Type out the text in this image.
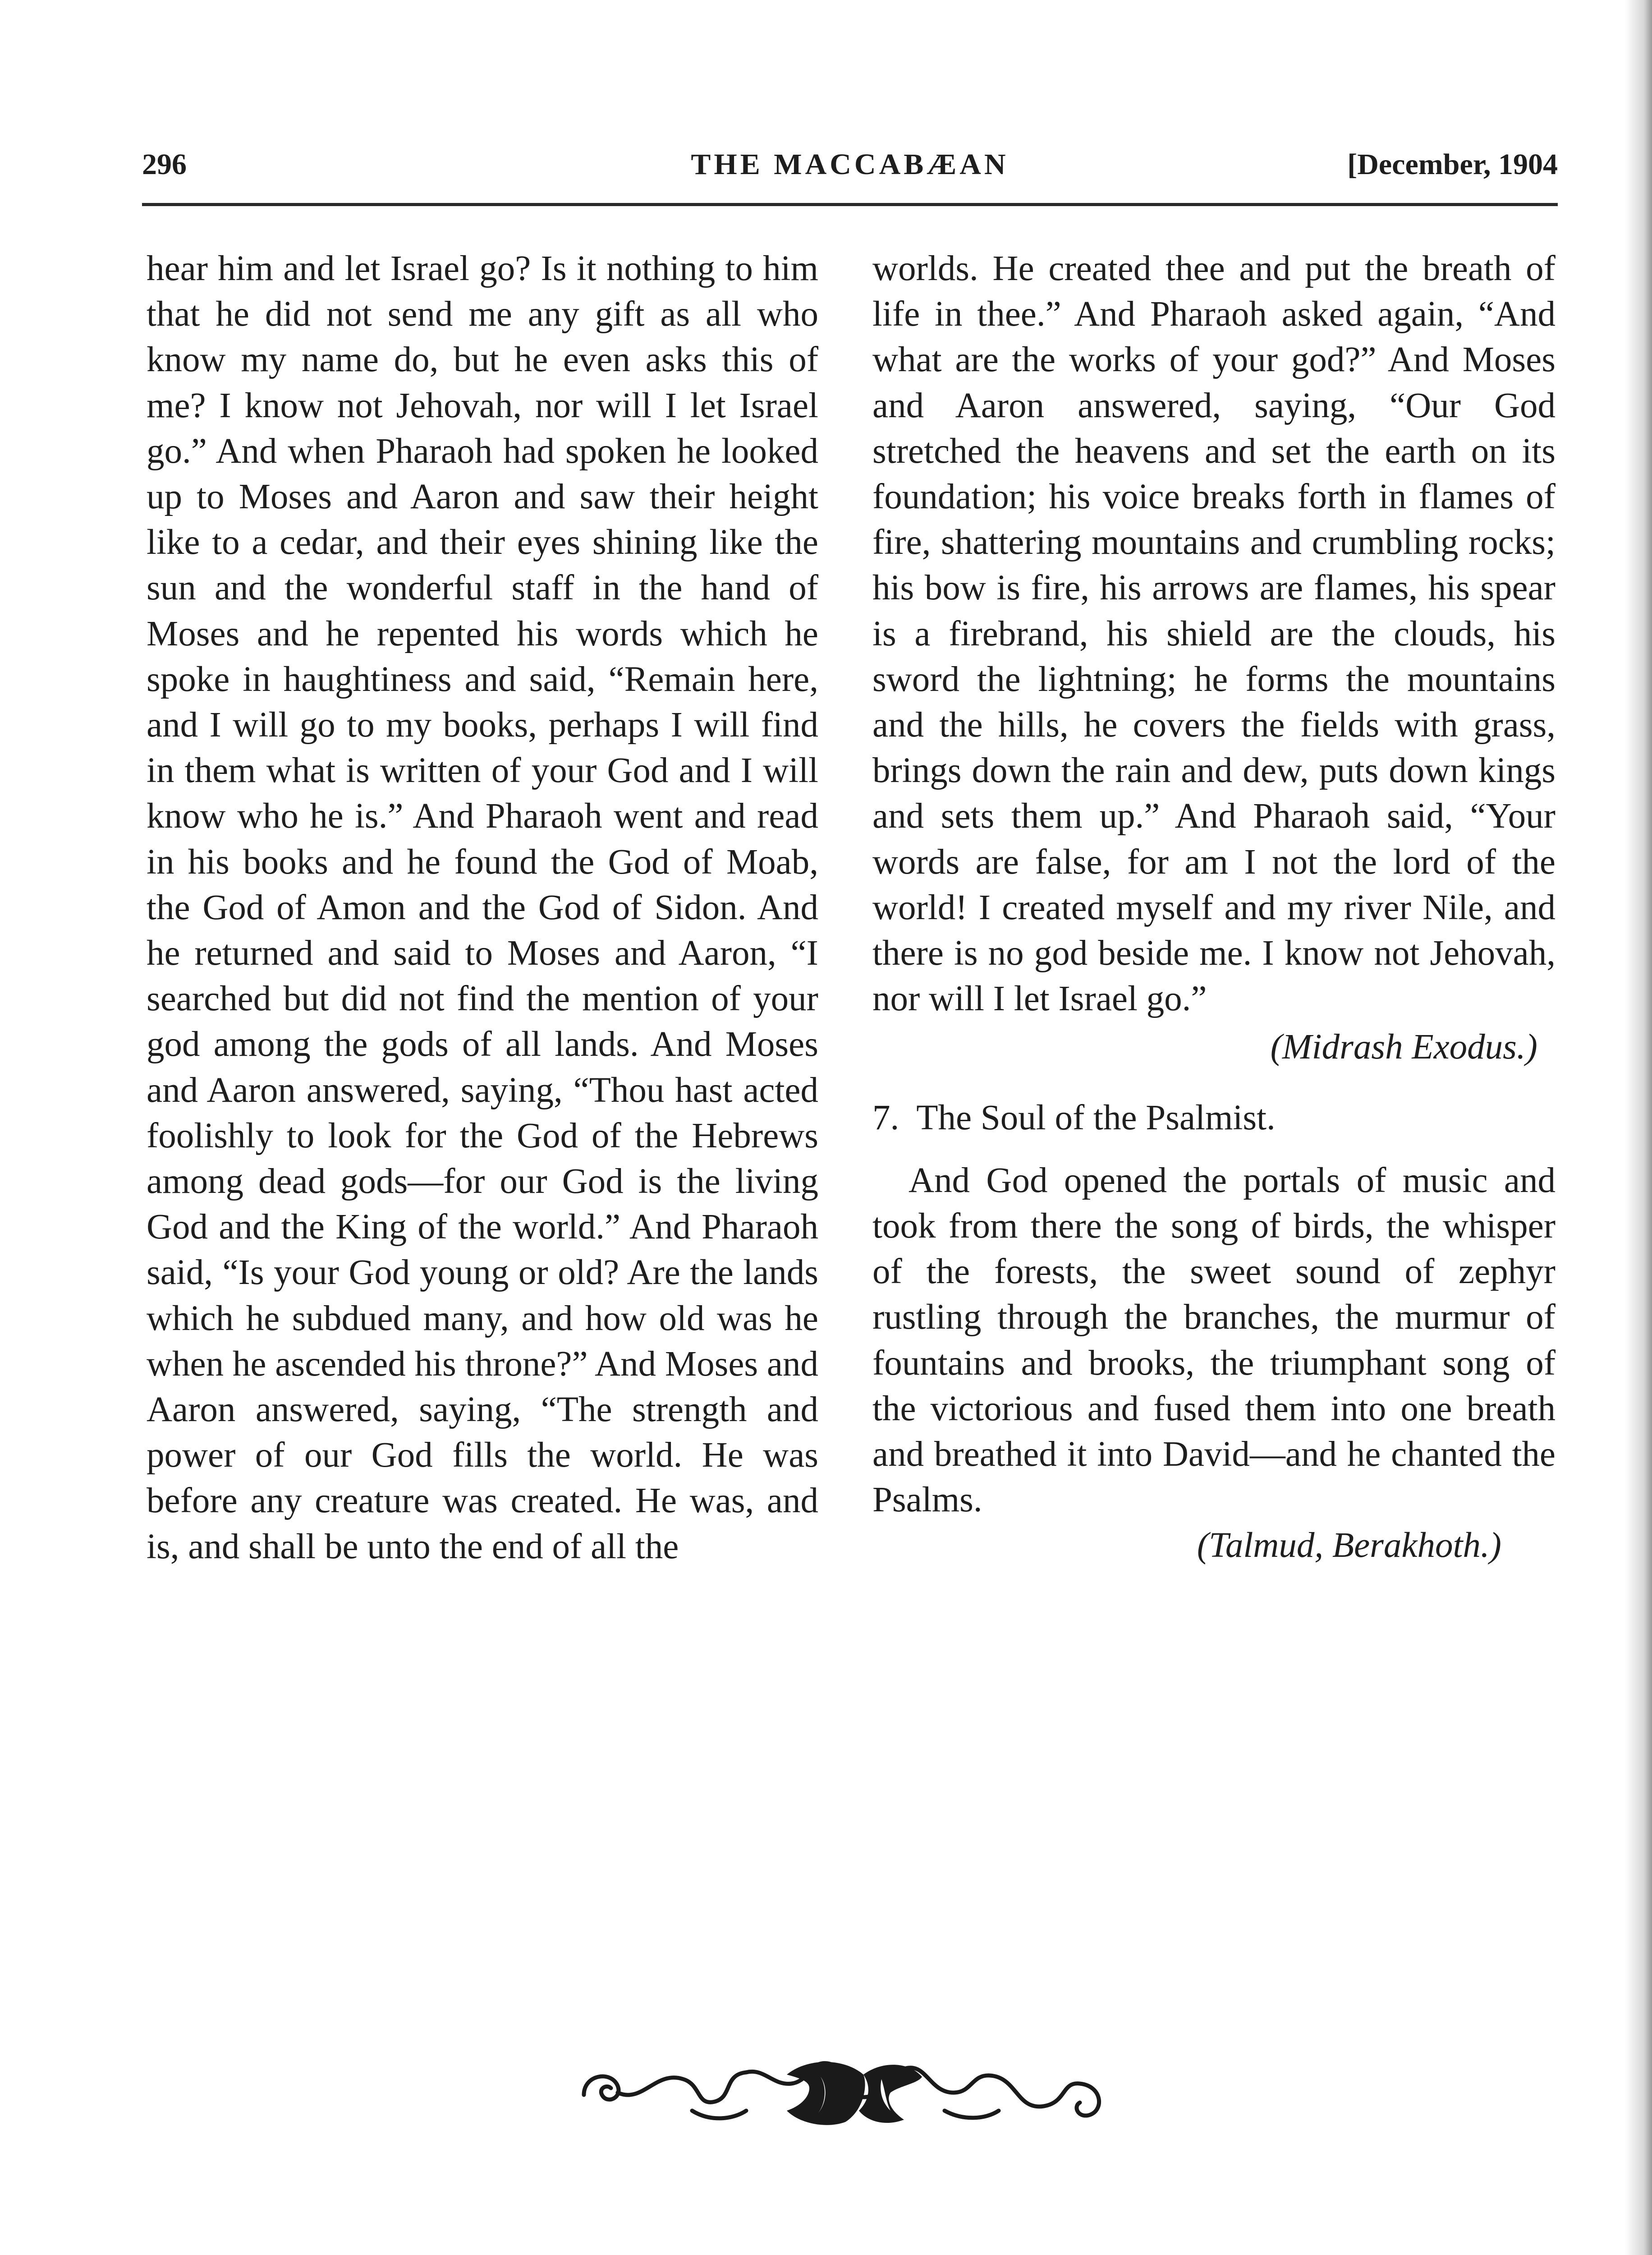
296	THE MACCABÆAN	[December, 1904

hear him and let Israel go? Is it nothing to him that he did not send me any gift as all who know my name do, but he even asks this of me? I know not Jehovah, nor will I let Israel go.” And when Pharaoh had spoken he looked up to Moses and Aaron and saw their height like to a cedar, and their eyes shining like the sun and the wonderful staff in the hand of Moses and he repented his words which he spoke in haughtiness and said, “Remain here, and I will go to my books, perhaps I will find in them what is written of your God and I will know who he is.” And Pharaoh went and read in his books and he found the God of Moab, the God of Amon and the God of Sidon. And he returned and said to Moses and Aaron, “I searched but did not find the mention of your god among the gods of all lands. And Moses and Aaron answered, saying, “Thou hast acted foolishly to look for the God of the Hebrews among dead gods—for our God is the living God and the King of the world.” And Pharaoh said, “Is your God young or old? Are the lands which he subdued many, and how old was he when he ascended his throne?” And Moses and Aaron answered, saying, “The strength and power of our God fills the world. He was before any creature was created. He was, and is, and shall be unto the end of all the

worlds. He created thee and put the breath of life in thee.” And Pharaoh asked again, “And what are the works of your god?” And Moses and Aaron answered, saying, “Our God stretched the heavens and set the earth on its foundation; his voice breaks forth in flames of fire, shattering mountains and crumbling rocks; his bow is fire, his arrows are flames, his spear is a firebrand, his shield are the clouds, his sword the lightning; he forms the mountains and the hills, he covers the fields with grass, brings down the rain and dew, puts down kings and sets them up.” And Pharaoh said, “Your words are false, for am I not the lord of the world! I created myself and my river Nile, and there is no god beside me. I know not Jehovah, nor will I let Israel go.”

(Midrash Exodus.)

7. The Soul of the Psalmist.

And God opened the portals of music and took from there the song of birds, the whisper of the forests, the sweet sound of zephyr rustling through the branches, the murmur of fountains and brooks, the triumphant song of the victorious and fused them into one breath and breathed it into David—and he chanted the Psalms.

(Talmud, Berakhoth.)
